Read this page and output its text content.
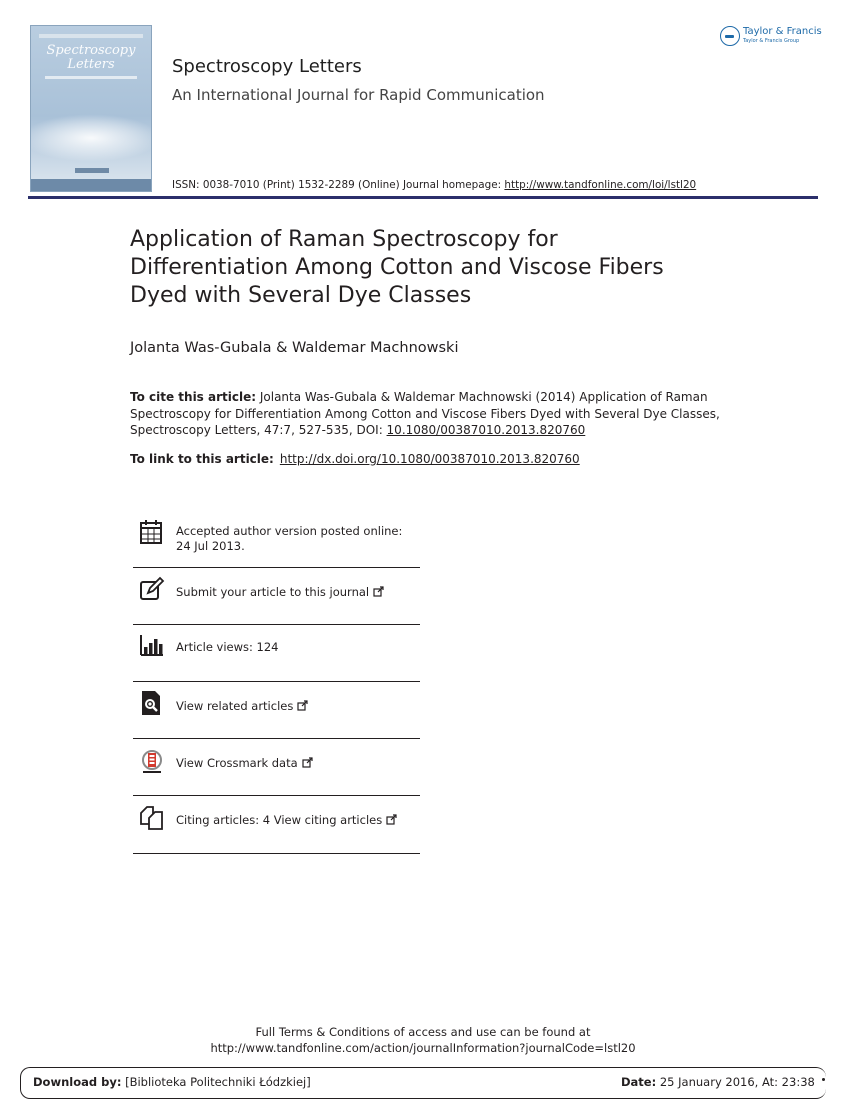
Spectroscopy Letters	Spectroscopy Letters
An International Journal for Rapid Communication
ISSN: 0038-7010 (Print) 1532-2289 (Online) Journal homepage: http://www.tandfonline.com/loi/lstl20
Taylor & Francis
Taylor & Francis Group
Application of Raman Spectroscopy for
Differentiation Among Cotton and Viscose Fibers
Dyed with Several Dye Classes
Jolanta Was-Gubala & Waldemar Machnowski
To cite this article: Jolanta Was-Gubala & Waldemar Machnowski (2014) Application of Raman Spectroscopy for Differentiation Among Cotton and Viscose Fibers Dyed with Several Dye Classes, Spectroscopy Letters, 47:7, 527-535, DOI: 10.1080/00387010.2013.820760
To link to this article: http://dx.doi.org/10.1080/00387010.2013.820760
Accepted author version posted online: 24 Jul 2013.
Submit your article to this journal
Article views: 124
View related articles
View Crossmark data
Citing articles: 4 View citing articles
Full Terms & Conditions of access and use can be found at
http://www.tandfonline.com/action/journalInformation?journalCode=lstl20
Download by: [Biblioteka Politechniki Łódzkiej]	Date: 25 January 2016, At: 23:38
